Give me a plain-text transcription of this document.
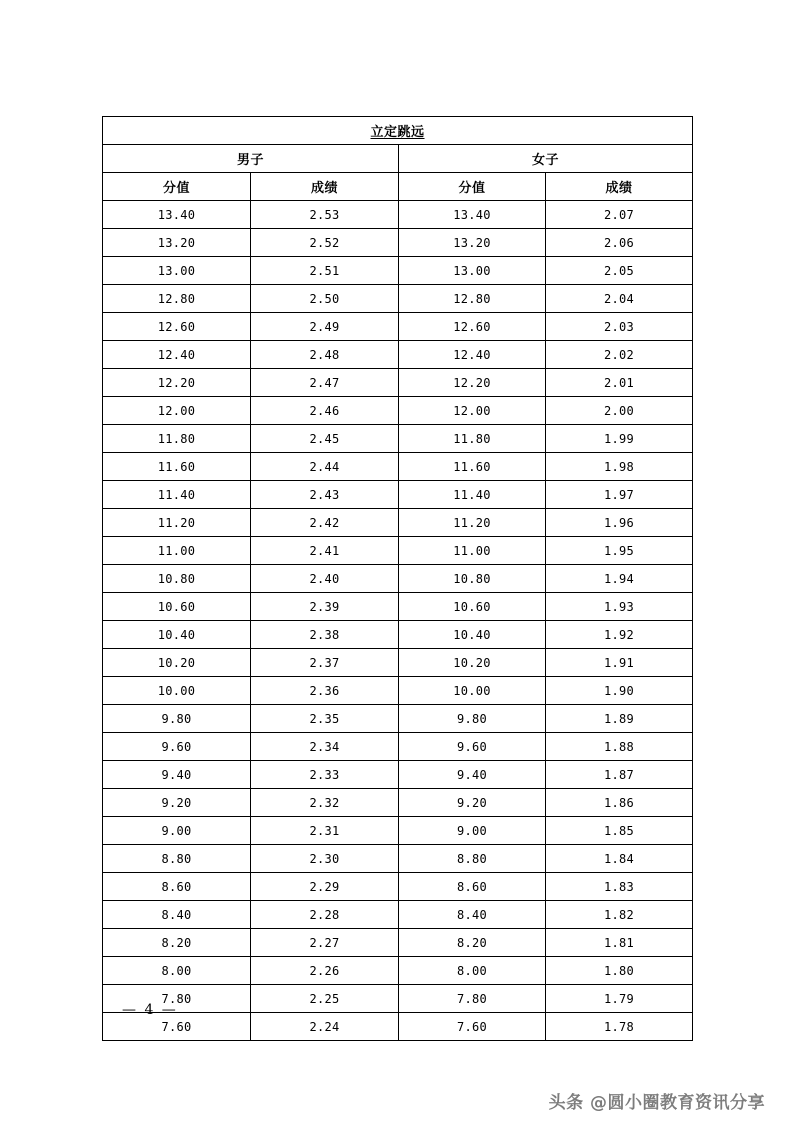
立定跳远			
男子		女子	
分值	成绩	分值	成绩
13.40	2.53	13.40	2.07
13.20	2.52	13.20	2.06
13.00	2.51	13.00	2.05
12.80	2.50	12.80	2.04
12.60	2.49	12.60	2.03
12.40	2.48	12.40	2.02
12.20	2.47	12.20	2.01
12.00	2.46	12.00	2.00
11.80	2.45	11.80	1.99
11.60	2.44	11.60	1.98
11.40	2.43	11.40	1.97
11.20	2.42	11.20	1.96
11.00	2.41	11.00	1.95
10.80	2.40	10.80	1.94
10.60	2.39	10.60	1.93
10.40	2.38	10.40	1.92
10.20	2.37	10.20	1.91
10.00	2.36	10.00	1.90
9.80	2.35	9.80	1.89
9.60	2.34	9.60	1.88
9.40	2.33	9.40	1.87
9.20	2.32	9.20	1.86
9.00	2.31	9.00	1.85
8.80	2.30	8.80	1.84
8.60	2.29	8.60	1.83
8.40	2.28	8.40	1.82
8.20	2.27	8.20	1.81
8.00	2.26	8.00	1.80
7.80	2.25	7.80	1.79
7.60	2.24	7.60	1.78
— 4 —
头条 @圆小圈教育资讯分享
